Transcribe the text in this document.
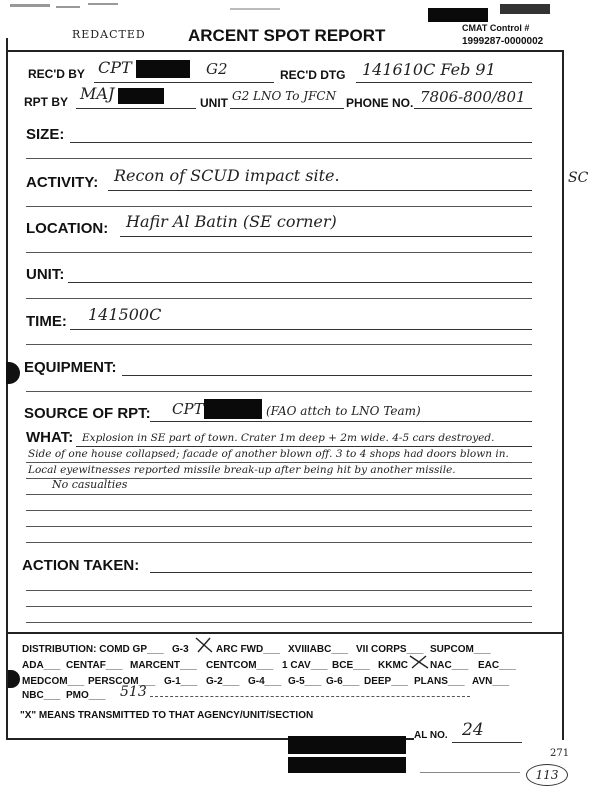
REDACTED ARCENT SPOT REPORT	CMAT Control #
1999287-0000002
REC'D BY CPT	G2	REC'D DTG 141610C Feb 91
RPT BY MAJ	UNIT G2 LNO To JFCN PHONE NO. 7806-800/801
SIZE:
ACTIVITY: Recon of SCUD impact site.	SC
LOCATION: Hafir Al Batin (SE corner)
UNIT:
TIME: 141500C
EQUIPMENT:
SOURCE OF RPT: CPT	(FAO attch to LNO Team)
WHAT: Explosion in SE part of town. Crater 1m deep + 2m wide. 4-5 cars destroyed.
Side of one house collapsed; facade of another blown off. 3 to 4 shops had doors blown in.
Local eyewitnesses reported missile break-up after being hit by another missile.
No casualties
ACTION TAKEN:
DISTRIBUTION: COMD GP___ G-3	ARC FWD___ XVIIIABC___ VII CORPS___ SUPCOM___
ADA___ CENTAF___ MARCENT___ CENTCOM___ 1 CAV___ BCE___ KKMC NAC___ EAC___
MEDCOM___ PERSCOM___ G-1___ G-2___ G-4___ G-5___ G-6___ DEEP___ PLANS___ AVN___
NBC___ PMO___ 513
"X" MEANS TRANSMITTED TO THAT AGENCY/UNIT/SECTION
AL NO. 24
271
113
